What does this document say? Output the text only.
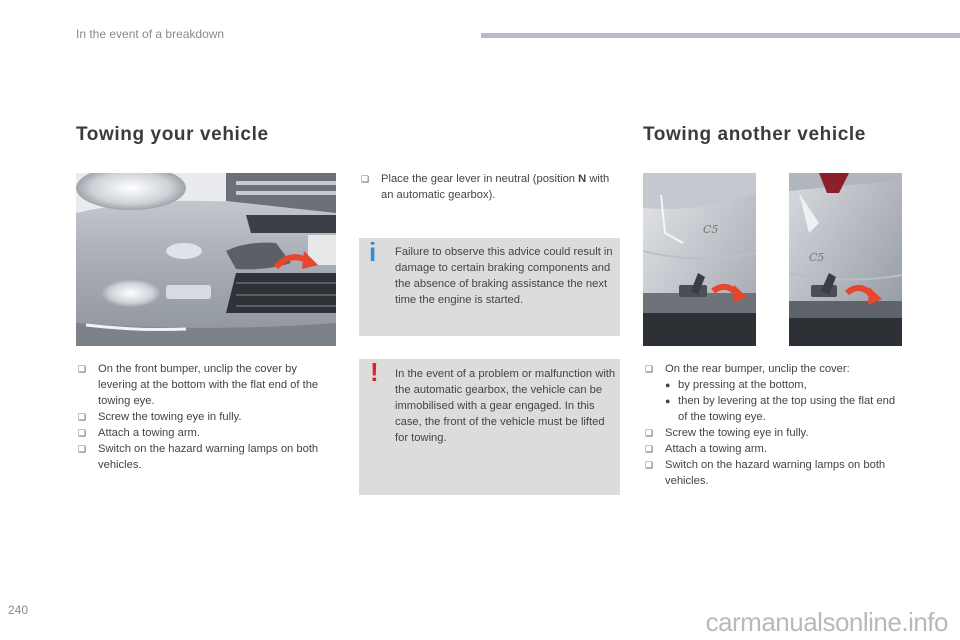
In the event of a breakdown
Towing your vehicle	Towing another vehicle
❑ On the front bumper, unclip the cover by levering at the bottom with the flat end of the towing eye.
❑ Screw the towing eye in fully.
❑ Attach a towing arm.
❑ Switch on the hazard warning lamps on both vehicles.
❑ Place the gear lever in neutral (position N with an automatic gearbox).
i Failure to observe this advice could result in damage to certain braking components and the absence of braking assistance the next time the engine is started.

! In the event of a problem or malfunction with the automatic gearbox, the vehicle can be immobilised with a gear engaged. In this case, the front of the vehicle must be lifted for towing.

C5
C5
❑ On the rear bumper, unclip the cover:
● by pressing at the bottom,
● then by levering at the top using the flat end of the towing eye.
❑ Screw the towing eye in fully.
❑ Attach a towing arm.
❑ Switch on the hazard warning lamps on both vehicles.
240	carmanualsonline.info
